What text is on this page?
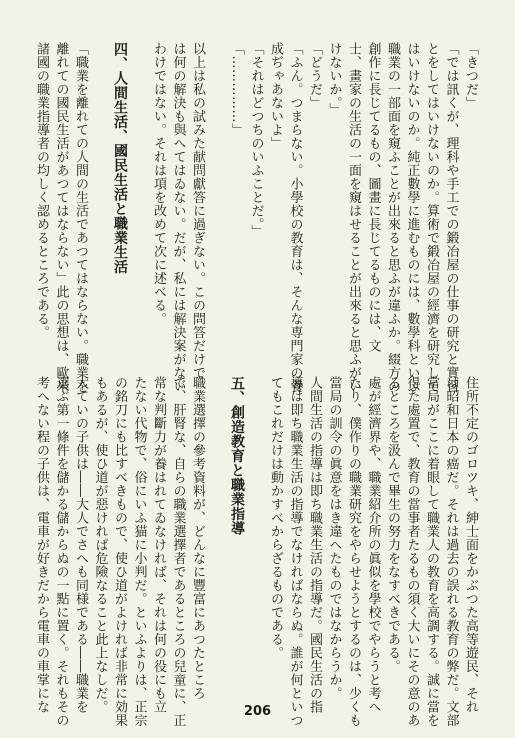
「きつだ」
「では訊くが、理科や手工での鍛冶屋の仕事の研究と實習
とをしてはいけないのか。算術で鍛冶屋の經濟を研究して
はいけないのか。純正數學に進むものには、數學科といふ
職業の一部面を窺ふことが出來ると思ふが違ふか。綴方の
創作に長じてるもの、圖畫に長じてるものには、文
士、畫家の生活の一面を窺はせることが出來ると思ふがい
けないか。」
「どうだ」
「ふん。つまらない。小學校の教育は、そんな専門家の養
成ぢゃあないよ」
「それはどつちのいふことだ。」
「……………」

以上は私の試みた献問獻答に過ぎない。この問答だけで
は何の解決も與へてはゐない。だが、私には解決案がない
わけではない。それは項を改めて次に述べる。

四、人間生活、國民生活と職業生活

「職業を離れての人間の生活であつてはならない。職業を
離れての國民生活があつてはならない」此の思想は、歐米
諸國の職業指導者の均しく認めるところである。
住所不定のゴロツキ、紳士面をかぶつた高等遊民、それ
は昭和日本の癌だ。それは過去の誤れる教育の弊だ。文部
當局がここに着眼して職業人の教育を高調する。誠に當を
得た處置で、教育の當事者たるもの須く大いにその意のあ
るところを汲んで畢生の努力をなすべきである。
處が經濟界や、職業紹介所の眞似を學校でやらうと考へ
たり、僕作りの職業研究をやらせようとするのは、少くも
當局の訓令の眞意をはき違へたものではなからうか。
人間生活の指導は即ち職業生活の指導だ。國民生活の指
導は即ち職業生活の指導でなければならぬ。誰が何といつ
てもこれだけは動かすべからざるものである。

五、創造教育と職業指導

職業選擇の參考資料が、どんなに豐富にあつたところ
で、肝腎な、自らの職業選擇者であるところの兒童に、正
常な判斷力が養はれてゐなければ、それは何の役にも立
たない代物で、俗にいふ猫に小判だ。といふよりは、正宗
の銘刀にも比すべきもので、使ひ道がよければ非常に効果
もあるが、使ひ道が惡ければ危險なること此上なしだ。
大ていの子供は――大人でさへも同様である――職業を
選ぶ第一條件を儲かる儲からぬの一點に置く。それもその
考へない程の子供は、電車が好きだから電車の車掌にな	206
